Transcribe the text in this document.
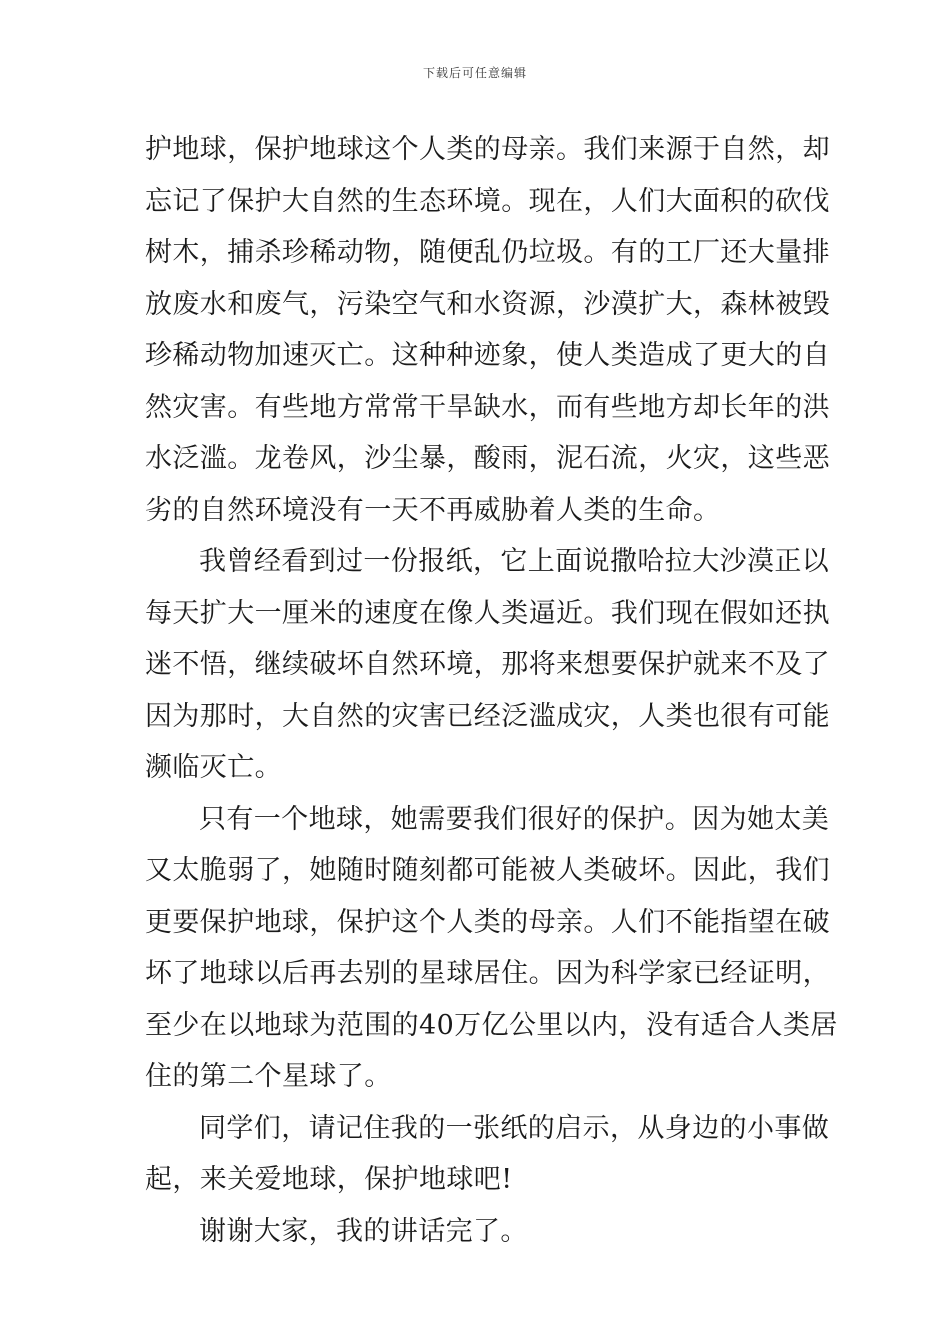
下载后可任意编辑
护地球，保护地球这个人类的母亲。我们来源于自然，却
忘记了保护大自然的生态环境。现在，人们大面积的砍伐
树木，捕杀珍稀动物，随便乱仍垃圾。有的工厂还大量排
放废水和废气，污染空气和水资源，沙漠扩大，森林被毁
珍稀动物加速灭亡。这种种迹象，使人类造成了更大的自
然灾害。有些地方常常干旱缺水，而有些地方却长年的洪
水泛滥。龙卷风，沙尘暴，酸雨，泥石流，火灾，这些恶
劣的自然环境没有一天不再威胁着人类的生命。
我曾经看到过一份报纸，它上面说撒哈拉大沙漠正以
每天扩大一厘米的速度在像人类逼近。我们现在假如还执
迷不悟，继续破坏自然环境，那将来想要保护就来不及了
因为那时，大自然的灾害已经泛滥成灾，人类也很有可能
濒临灭亡。
只有一个地球，她需要我们很好的保护。因为她太美
又太脆弱了，她随时随刻都可能被人类破坏。因此，我们
更要保护地球，保护这个人类的母亲。人们不能指望在破
坏了地球以后再去别的星球居住。因为科学家已经证明，
至少在以地球为范围的40万亿公里以内，没有适合人类居
住的第二个星球了。
同学们，请记住我的一张纸的启示，从身边的小事做
起，来关爱地球，保护地球吧!
谢谢大家，我的讲话完了。
